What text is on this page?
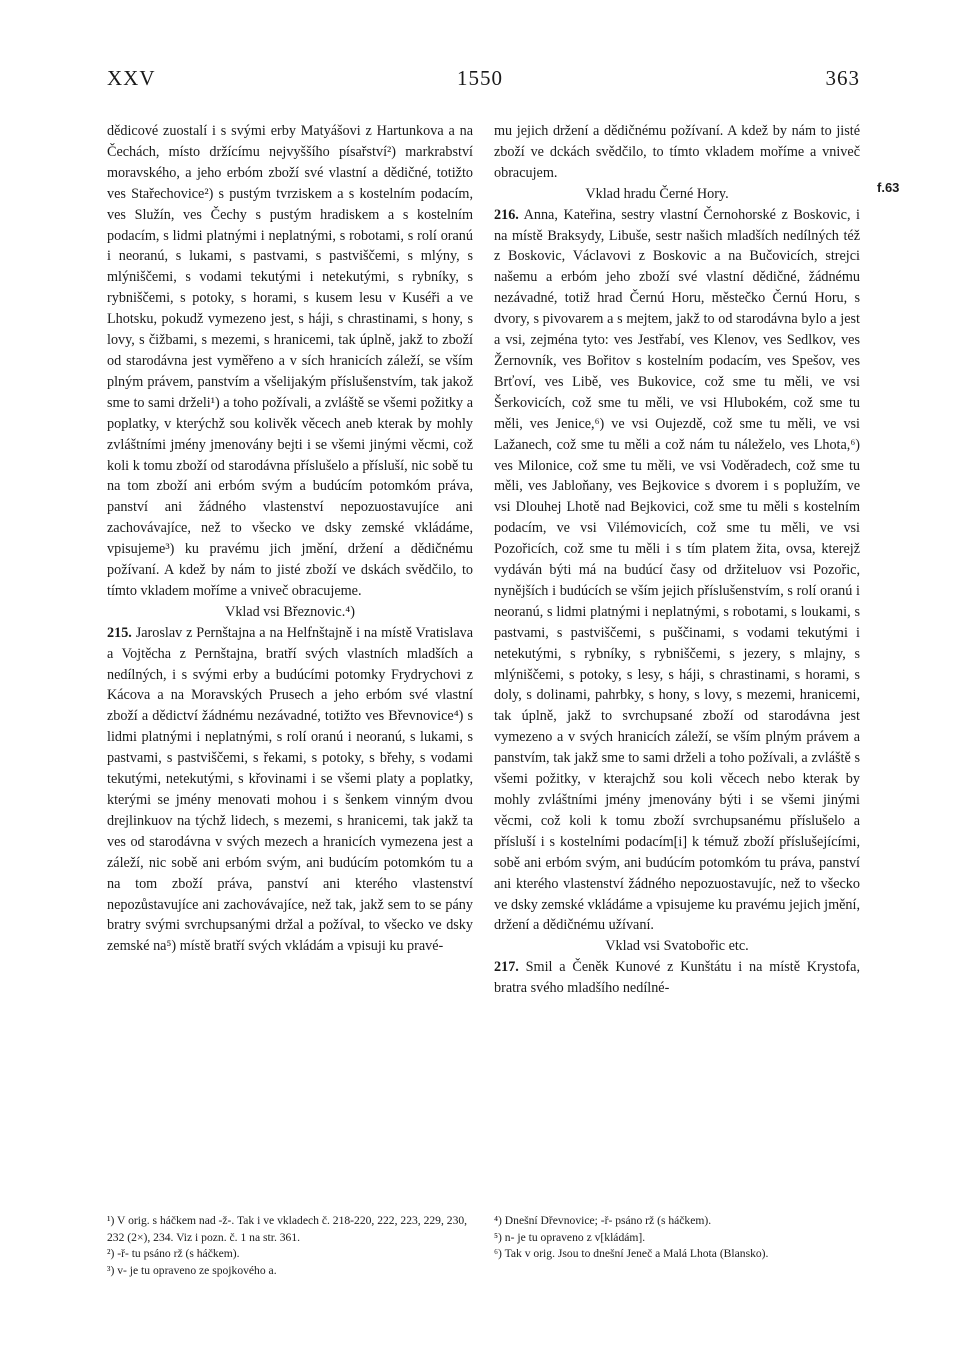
XXV	1550	363
f.63

dědicové zuostalí i s svými erby Matyášovi z Hartunkova a na Čechách, místo držícímu nejvyššího písařství²) markrabství moravského, a jeho erbóm zboží své vlastní a dědičné, totižto ves Stařechovice²) s pustým tvrziskem a s kostelním podacím, ves Služín, ves Čechy s pustým hradiskem a s kostelním podacím, s lidmi platnými i neplatnými, s robotami, s rolí oranú i neoranú, s lukami, s pastvami, s pastviščemi, s mlýny, s mlýniščemi, s vodami tekutými i netekutými, s rybníky, s rybniščemi, s potoky, s horami, s kusem lesu v Kuséři a ve Lhotsku, pokudž vymezeno jest, s háji, s chrastinami, s hony, s lovy, s čižbami, s mezemi, s hranicemi, tak úplně, jakž to zboží od starodávna jest vyměřeno a v sích hranicích záleží, se vším plným právem, panstvím a všelijakým příslušenstvím, tak jakož sme to sami drželi¹) a toho požívali, a zvláště se všemi požitky a poplatky, v kterýchž sou kolivěk věcech aneb kterak by mohly zvláštními jmény jmenovány bejti i se všemi jinými věcmi, což koli k tomu zboží od starodávna příslušelo a přísluší, nic sobě tu na tom zboží ani erbóm svým a budúcím potomkóm práva, panství ani žádného vlastenství nepozuostavujíce ani zachovávajíce, než to všecko ve dsky zemské vkládáme, vpisujeme³) ku pravému jich jmění, držení a dědičnému požívaní. A kdež by nám to jisté zboží ve dskách svědčilo, to tímto vkladem moříme a vniveč obracujeme.

Vklad vsi Březnovic.⁴)

215. Jaroslav z Pernštajna a na Helfnštajně i na místě Vratislava a Vojtěcha z Pernštajna, bratří svých vlastních mladších a nedílných, i s svými erby a budúcími potomky Frydrychovi z Kácova a na Moravských Prusech a jeho erbóm své vlastní zboží a dědictví žádnému nezávadné, totižto ves Břevnovice⁴) s lidmi platnými i neplatnými, s rolí oranú i neoranú, s lukami, s pastvami, s pastviščemi, s řekami, s potoky, s břehy, s vodami tekutými, netekutými, s křovinami i se všemi platy a poplatky, kterými se jmény menovati mohou i s šenkem vinným dvou drejlinkuov na týchž lidech, s mezemi, s hranicemi, tak jakž ta ves od starodávna v svých mezech a hranicích vymezena jest a záleží, nic sobě ani erbóm svým, ani budúcím potomkóm tu a na tom zboží práva, panství ani kterého vlastenství nepozůstavujíce ani zachovávajíce, než tak, jakž sem to se pány bratry svými svrchupsanými držal a požíval, to všecko ve dsky zemské na⁵) místě bratří svých vkládám a vpisuji ku pravé-

mu jejich držení a dědičnému požívaní. A kdež by nám to jisté zboží ve dckách svědčilo, to tímto vkladem moříme a vniveč obracujem.

Vklad hradu Černé Hory.

216. Anna, Kateřina, sestry vlastní Černohorské z Boskovic, i na místě Braksydy, Libuše, sestr našich mladších nedílných též z Boskovic, Václavovi z Boskovic a na Bučovicích, strejci našemu a erbóm jeho zboží své vlastní dědičné, žádnému nezávadné, totiž hrad Černú Horu, městečko Černú Horu, s dvory, s pivovarem a s mejtem, jakž to od starodávna bylo a jest a vsi, zejména tyto: ves Jestřabí, ves Klenov, ves Sedlkov, ves Žernovník, ves Bořitov s kostelním podacím, ves Spešov, ves Brťoví, ves Libě, ves Bukovice, což sme tu měli, ve vsi Šerkovicích, což sme tu měli, ve vsi Hlubokém, což sme tu měli, ves Jenice,⁶) ve vsi Oujezdě, což sme tu měli, ve vsi Lažanech, což sme tu měli a což nám tu náleželo, ves Lhota,⁶) ves Milonice, což sme tu měli, ve vsi Voděradech, což sme tu měli, ves Jabloňany, ves Bejkovice s dvorem i s poplužím, ve vsi Dlouhej Lhotě nad Bejkovici, což sme tu měli s kostelním podacím, ve vsi Vilémovicích, což sme tu měli, ve vsi Pozořicích, což sme tu měli i s tím platem žita, ovsa, kterejž vydáván býti má na budúcí časy od držiteluov vsi Pozořic, nynějších i budúcích se vším jejich příslušenstvím, s rolí oranú i neoranú, s lidmi platnými i neplatnými, s robotami, s loukami, s pastvami, s pastviščemi, s puščinami, s vodami tekutými i netekutými, s rybníky, s rybniščemi, s jezery, s mlajny, s mlýniščemi, s potoky, s lesy, s háji, s chrastinami, s horami, s doly, s dolinami, pahrbky, s hony, s lovy, s mezemi, hranicemi, tak úplně, jakž to svrchupsané zboží od starodávna jest vymezeno a v svých hranicích záleží, se vším plným právem a panstvím, tak jakž sme to sami drželi a toho požívali, a zvláště s všemi požitky, v kterajchž sou koli věcech nebo kterak by mohly zvláštními jmény jmenovány býti i se všemi jinými věcmi, což koli k tomu zboží svrchupsanému příslušelo a přísluší i s kostelními podacím[i] k témuž zboží příslušejícími, sobě ani erbóm svým, ani budúcím potomkóm tu práva, panství ani kterého vlastenství žádného nepozuostavujíc, než to všecko ve dsky zemské vkládáme a vpisujeme ku pravému jejich jmění, držení a dědičnému užívaní.

Vklad vsi Svatobořic etc.

217. Smil a Čeněk Kunové z Kunštátu i na místě Krystofa, bratra svého mladšího nedílné-

¹) V orig. s háčkem nad -ž-. Tak i ve vkladech č. 218-220, 222, 223, 229, 230, 232 (2×), 234. Viz i pozn. č. 1 na str. 361.

²) -ř- tu psáno rž (s háčkem).

³) v- je tu opraveno ze spojkového a.

⁴) Dnešní Dřevnovice; -ř- psáno rž (s háčkem).

⁵) n- je tu opraveno z v[kládám].

⁶) Tak v orig. Jsou to dnešní Jeneč a Malá Lhota (Blansko).
